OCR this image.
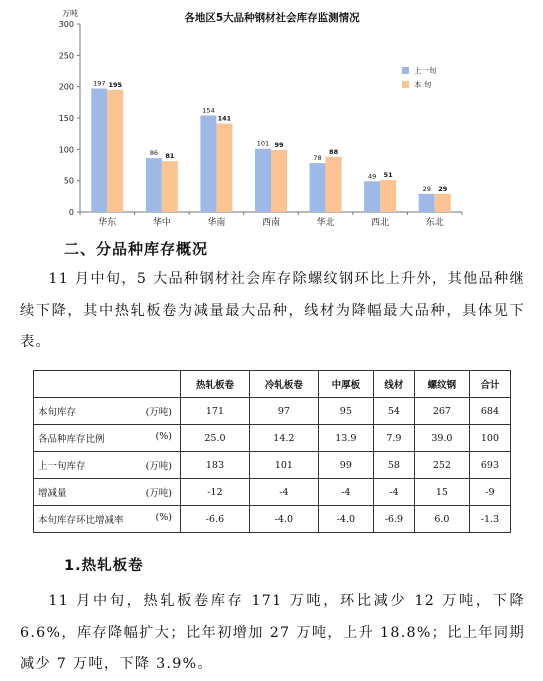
各地区5大品种钢材社会库存监测情况
万吨
0
50
100
150
200
250
300
华东	华中	华南	西南	华北	西北	东北
197 195
86 81
154
141
101 99
78
88
49 51
29 29
上一旬
本 旬
二、分品种库存概况

11 月中旬，5 大品种钢材社会库存除螺纹钢环比上升外，其他品种继续下降，其中热轧板卷为减量最大品种，线材为降幅最大品种，具体见下表。

	热轧板卷	冷轧板卷	中厚板	线材	螺纹钢	合计
本旬库存 (万吨)	171	97	95	54	267	684
各品种库存比例 (%)	25.0	14.2	13.9	7.9	39.0	100
上一旬库存 (万吨)	183	101	99	58	252	693
增减量 (万吨)	-12	-4	-4	-4	15	-9
本旬库存环比增减率 (%)	-6.6	-4.0	-4.0	-6.9	6.0	-1.3
1.热轧板卷

11 月中旬，热轧板卷库存 171 万吨，环比减少 12 万吨，下降 6.6%，库存降幅扩大；比年初增加 27 万吨，上升 18.8%；比上年同期减少 7 万吨，下降 3.9%。
